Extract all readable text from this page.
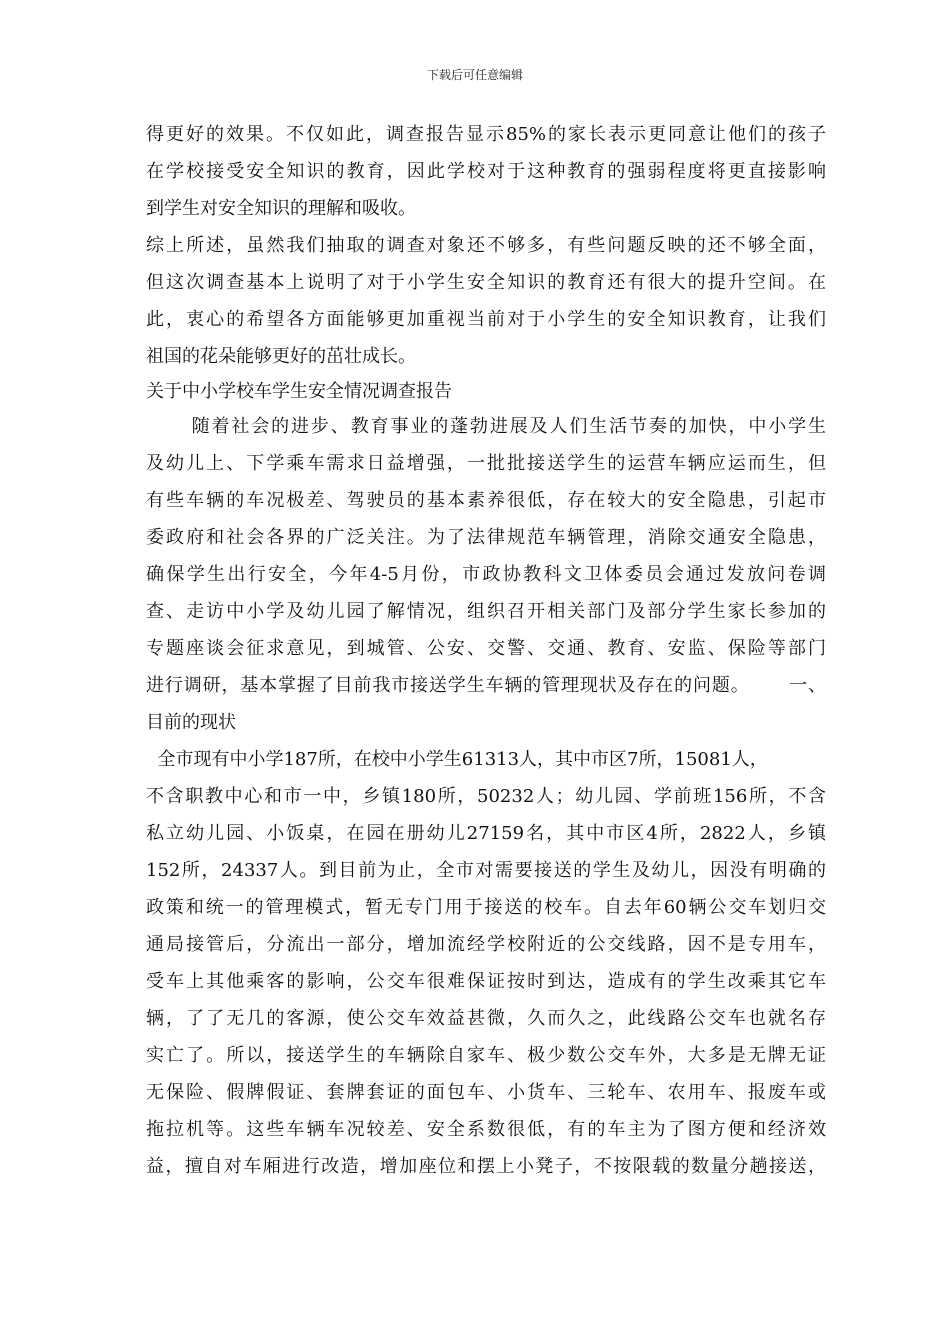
下载后可任意编辑
得更好的效果。不仅如此，调查报告显示85%的家长表示更同意让他们的孩子
在学校接受安全知识的教育，因此学校对于这种教育的强弱程度将更直接影响
到学生对安全知识的理解和吸收。
综上所述，虽然我们抽取的调查对象还不够多，有些问题反映的还不够全面，
但这次调查基本上说明了对于小学生安全知识的教育还有很大的提升空间。在
此，衷心的希望各方面能够更加重视当前对于小学生的安全知识教育，让我们
祖国的花朵能够更好的茁壮成长。
关于中小学校车学生安全情况调查报告
随着社会的进步、教育事业的蓬勃进展及人们生活节奏的加快，中小学生
及幼儿上、下学乘车需求日益增强，一批批接送学生的运营车辆应运而生，但
有些车辆的车况极差、驾驶员的基本素养很低，存在较大的安全隐患，引起市
委政府和社会各界的广泛关注。为了法律规范车辆管理，消除交通安全隐患，
确保学生出行安全，今年4-5月份，市政协教科文卫体委员会通过发放问卷调
查、走访中小学及幼儿园了解情况，组织召开相关部门及部分学生家长参加的
专题座谈会征求意见，到城管、公安、交警、交通、教育、安监、保险等部门
进行调研，基本掌握了目前我市接送学生车辆的管理现状及存在的问题。      一、
目前的现状
全市现有中小学187所，在校中小学生61313人，其中市区7所，15081人，
不含职教中心和市一中，乡镇180所，50232人；幼儿园、学前班156所，不含
私立幼儿园、小饭桌，在园在册幼儿27159名，其中市区4所，2822人，乡镇
152所，24337人。到目前为止，全市对需要接送的学生及幼儿，因没有明确的
政策和统一的管理模式，暂无专门用于接送的校车。自去年60辆公交车划归交
通局接管后，分流出一部分，增加流经学校附近的公交线路，因不是专用车，
受车上其他乘客的影响，公交车很难保证按时到达，造成有的学生改乘其它车
辆，了了无几的客源，使公交车效益甚微，久而久之，此线路公交车也就名存
实亡了。所以，接送学生的车辆除自家车、极少数公交车外，大多是无牌无证
无保险、假牌假证、套牌套证的面包车、小货车、三轮车、农用车、报废车或
拖拉机等。这些车辆车况较差、安全系数很低，有的车主为了图方便和经济效
益，擅自对车厢进行改造，增加座位和摆上小凳子，不按限载的数量分趟接送，
